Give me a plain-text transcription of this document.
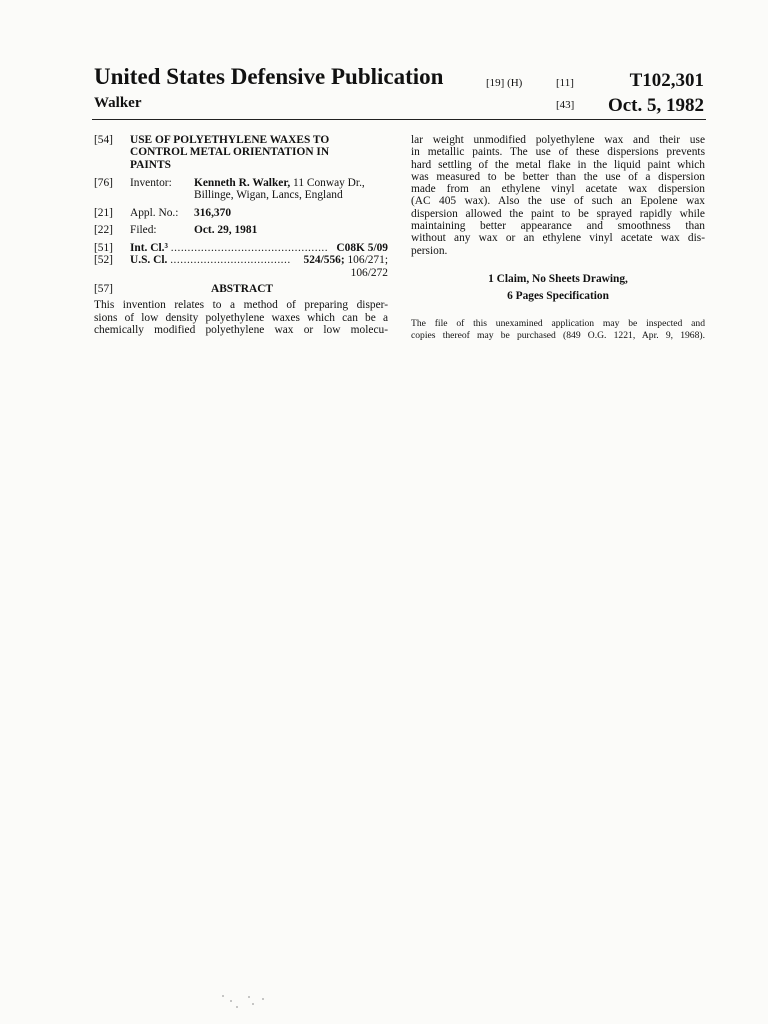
United States Defensive Publication	[19] (H)	[11]	T102,301
Walker	[43] Oct. 5, 1982
[54]	USE OF POLYETHYLENE WAXES TO
CONTROL METAL ORIENTATION IN
PAINTS
[76]	Inventor:	Kenneth R. Walker, 11 Conway Dr.,
Billinge, Wigan, Lancs, England
[21]	Appl. No.:	316,370
[22]	Filed:	Oct. 29, 1981
[51]	Int. Cl.³ ............................................... C08K 5/09
[52]	U.S. Cl. .................................... 524/556; 106/271;
106/272
[57]	ABSTRACT
This invention relates to a method of preparing disper-
sions of low density polyethylene waxes which can be a
chemically modified polyethylene wax or low molecu-
lar weight unmodified polyethylene wax and their use
in metallic paints. The use of these dispersions prevents
hard settling of the metal flake in the liquid paint which
was measured to be better than the use of a dispersion
made from an ethylene vinyl acetate wax dispersion
(AC 405 wax). Also the use of such an Epolene wax
dispersion allowed the paint to be sprayed rapidly while
maintaining better appearance and smoothness than
without any wax or an ethylene vinyl acetate wax dis-
persion.
1 Claim, No Sheets Drawing,
6 Pages Specification
The file of this unexamined application may be inspected and
copies thereof may be purchased (849 O.G. 1221, Apr. 9, 1968).
